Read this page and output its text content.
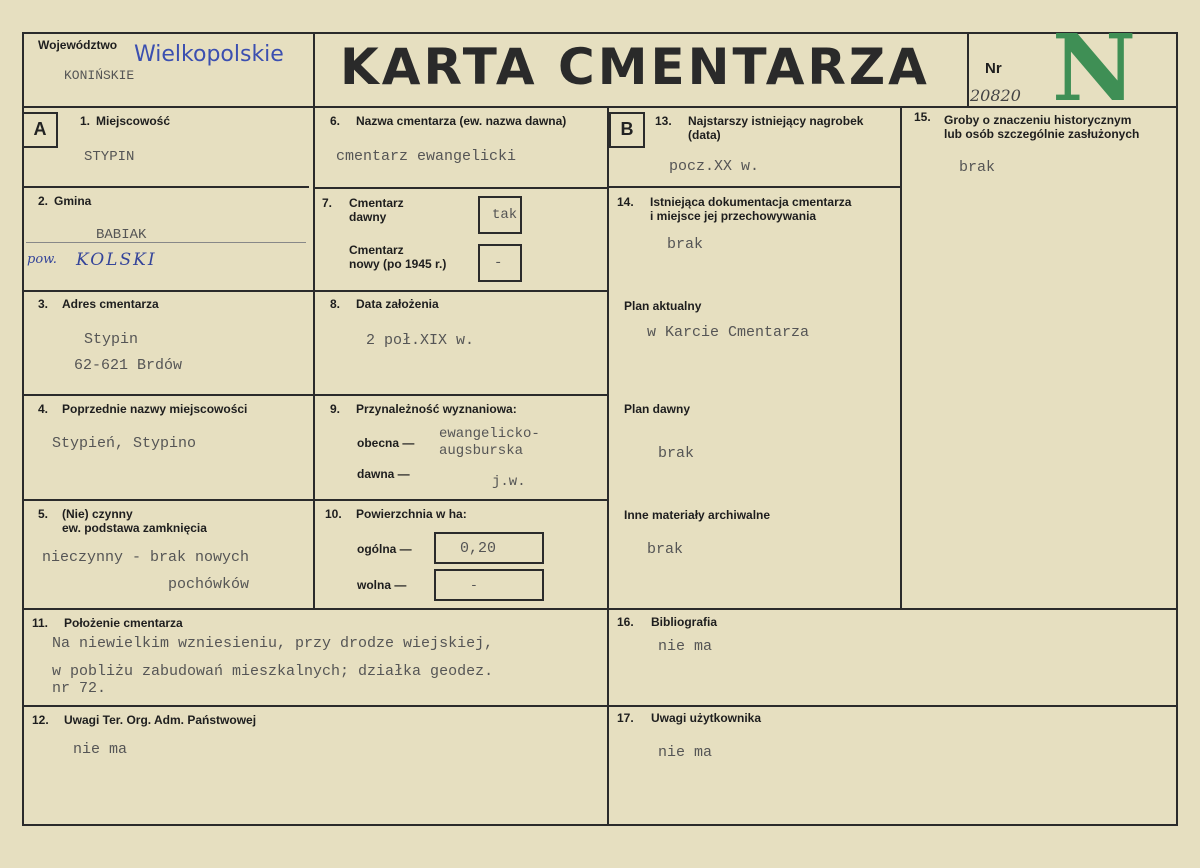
Województwo Wielkopolskie
KONIŃSKIE	KARTA CMENTARZA	Nr N
20820
A	1. Miejscowość
STYPIN
2. Gmina
BABIAK
pow. KOLSKI
3. Adres cmentarza
Stypin
62-621 Brdów
4. Poprzednie nazwy miejscowości
Stypień, Stypino
5. (Nie) czynny
ew. podstawa zamknięcia
nieczynny - brak nowych
pochówków
6. Nazwa cmentarza (ew. nazwa dawna)
cmentarz ewangelicki
7. Cmentarz
dawny	tak
Cmentarz
nowy (po 1945 r.)	-
8. Data założenia
2 poł.XIX w.
9. Przynależność wyznaniowa:
obecna —
ewangelicko-
augsburska
dawna —	j.w.
10. Powierzchnia w ha:
ogólna —	0,20
wolna —	-
B	13. Najstarszy istniejący nagrobek
(data)
pocz.XX w.
14. Istniejąca dokumentacja cmentarza
i miejsce jej przechowywania
brak
Plan aktualny
w Karcie Cmentarza
Plan dawny
brak
Inne materiały archiwalne
brak
15. Groby o znaczeniu historycznym
lub osób szczególnie zasłużonych
brak
11. Położenie cmentarza
Na niewielkim wzniesieniu, przy drodze wiejskiej,
w pobliżu zabudowań mieszkalnych; działka geodez.
nr 72.
12. Uwagi Ter. Org. Adm. Państwowej
nie ma
16. Bibliografia
nie ma
17. Uwagi użytkownika
nie ma
